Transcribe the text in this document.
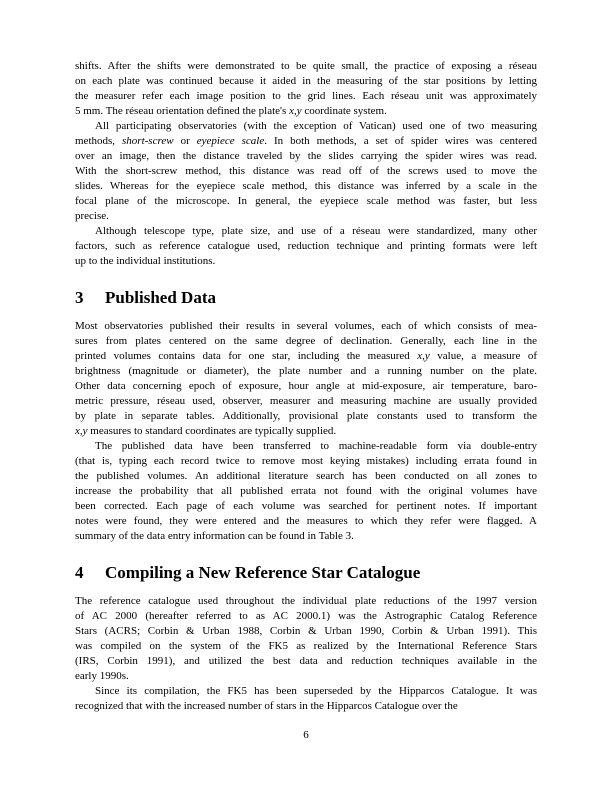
shifts. After the shifts were demonstrated to be quite small, the practice of exposing a réseau
on each plate was continued because it aided in the measuring of the star positions by letting
the measurer refer each image position to the grid lines. Each réseau unit was approximately
5 mm. The réseau orientation defined the plate's x,y coordinate system.
All participating observatories (with the exception of Vatican) used one of two measuring
methods, short-screw or eyepiece scale. In both methods, a set of spider wires was centered
over an image, then the distance traveled by the slides carrying the spider wires was read.
With the short-screw method, this distance was read off of the screws used to move the
slides. Whereas for the eyepiece scale method, this distance was inferred by a scale in the
focal plane of the microscope. In general, the eyepiece scale method was faster, but less
precise.
Although telescope type, plate size, and use of a réseau were standardized, many other
factors, such as reference catalogue used, reduction technique and printing formats were left
up to the individual institutions.
3	Published Data
Most observatories published their results in several volumes, each of which consists of mea-
sures from plates centered on the same degree of declination. Generally, each line in the
printed volumes contains data for one star, including the measured x,y value, a measure of
brightness (magnitude or diameter), the plate number and a running number on the plate.
Other data concerning epoch of exposure, hour angle at mid-exposure, air temperature, baro-
metric pressure, réseau used, observer, measurer and measuring machine are usually provided
by plate in separate tables. Additionally, provisional plate constants used to transform the
x,y measures to standard coordinates are typically supplied.
The published data have been transferred to machine-readable form via double-entry
(that is, typing each record twice to remove most keying mistakes) including errata found in
the published volumes. An additional literature search has been conducted on all zones to
increase the probability that all published errata not found with the original volumes have
been corrected. Each page of each volume was searched for pertinent notes. If important
notes were found, they were entered and the measures to which they refer were flagged. A
summary of the data entry information can be found in Table 3.
4	Compiling a New Reference Star Catalogue
The reference catalogue used throughout the individual plate reductions of the 1997 version
of AC 2000 (hereafter referred to as AC 2000.1) was the Astrographic Catalog Reference
Stars (ACRS; Corbin & Urban 1988, Corbin & Urban 1990, Corbin & Urban 1991). This
was compiled on the system of the FK5 as realized by the International Reference Stars
(IRS, Corbin 1991), and utilized the best data and reduction techniques available in the
early 1990s.
Since its compilation, the FK5 has been superseded by the Hipparcos Catalogue. It was
recognized that with the increased number of stars in the Hipparcos Catalogue over the
6
